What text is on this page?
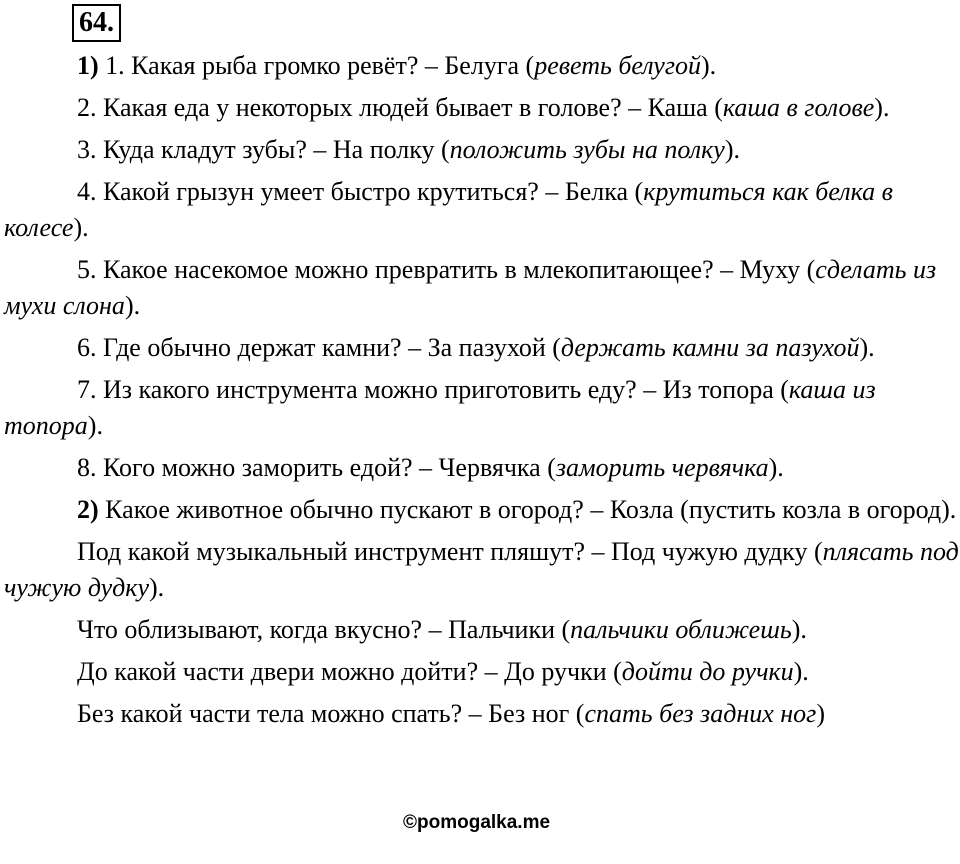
64.

1) 1. Какая рыба громко ревёт? – Белуга (реветь белугой).

2. Какая еда у некоторых людей бывает в голове? – Каша (каша в голове).

3. Куда кладут зубы? – На полку (положить зубы на полку).

4. Какой грызун умеет быстро крутиться? – Белка (крутиться как белка в колесе).

5. Какое насекомое можно превратить в млекопитающее? – Муху (сделать из мухи слона).

6. Где обычно держат камни? – За пазухой (держать камни за пазухой).

7. Из какого инструмента можно приготовить еду? – Из топора (каша из топора).

8. Кого можно заморить едой? – Червячка (заморить червячка).

2) Какое животное обычно пускают в огород? – Козла (пустить козла в огород).

Под какой музыкальный инструмент пляшут? – Под чужую дудку (плясать под чужую дудку).

Что облизывают, когда вкусно? – Пальчики (пальчики оближешь).

До какой части двери можно дойти? – До ручки (дойти до ручки).

Без какой части тела можно спать? – Без ног (спать без задних ног)

©pomogalka.me
